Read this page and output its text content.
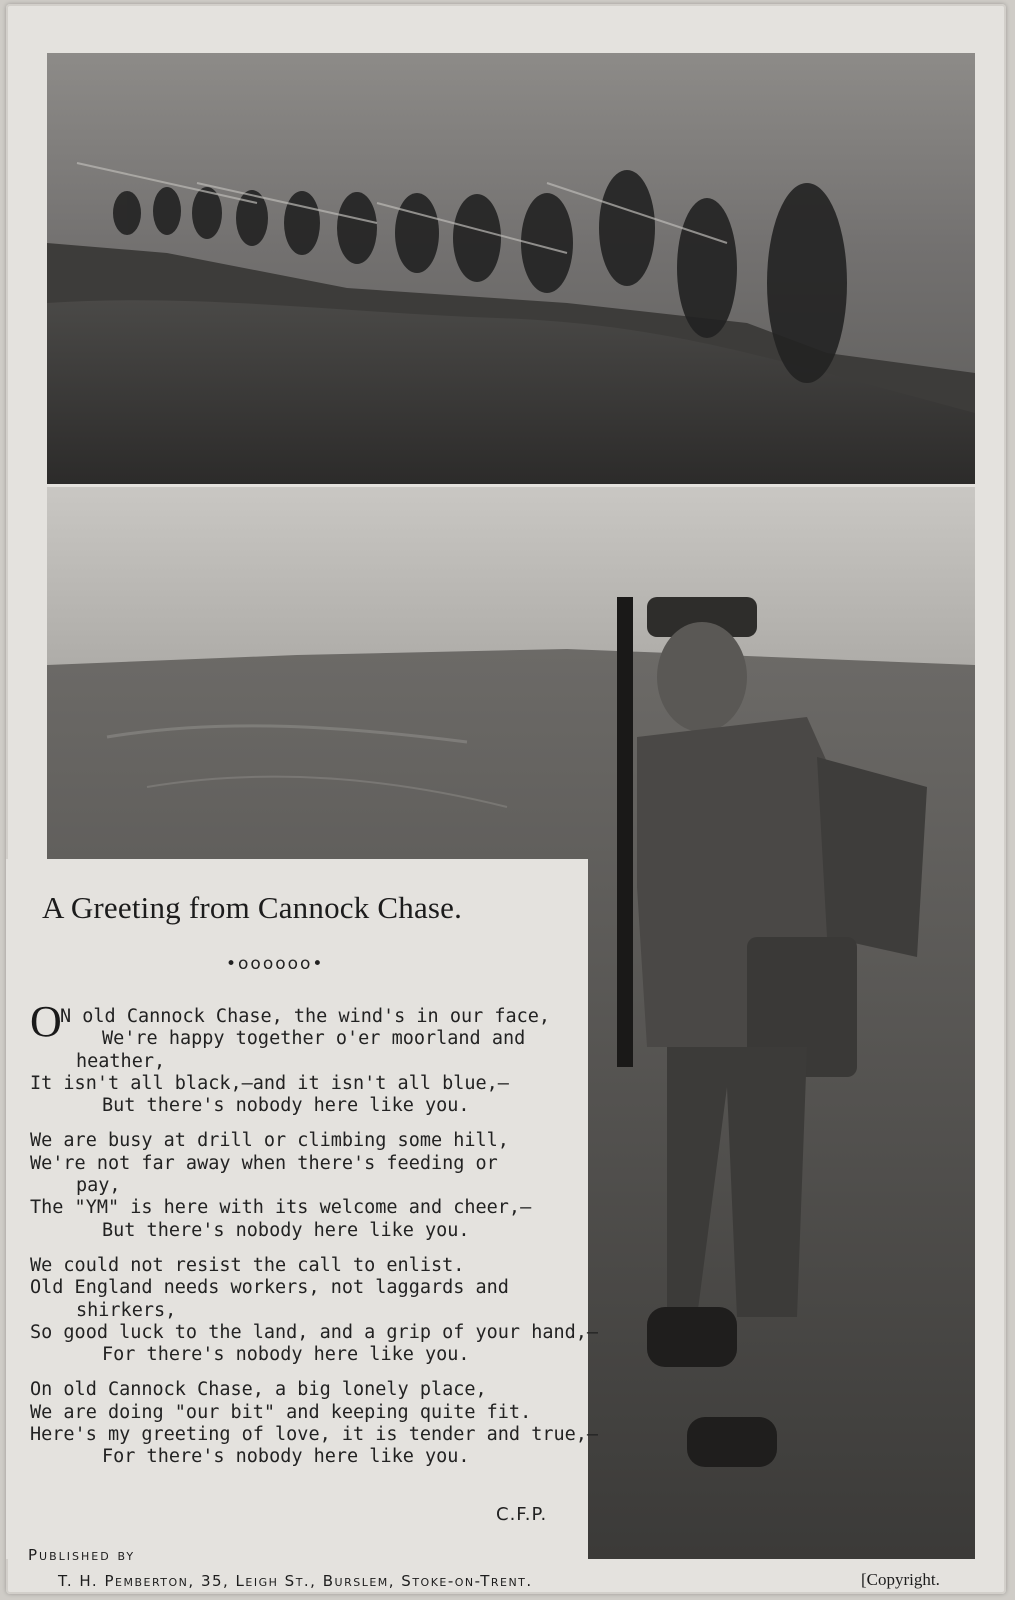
A Greeting from Cannock Chase.
•oooooo•
O
N old Cannock Chase, the wind's in our face,
We're happy together o'er moorland and
heather,
It isn't all black,—and it isn't all blue,—
But there's nobody here like you.
We are busy at drill or climbing some hill,
We're not far away when there's feeding or
pay,
The "YM" is here with its welcome and cheer,—
But there's nobody here like you.
We could not resist the call to enlist.
Old England needs workers, not laggards and
shirkers,
So good luck to the land, and a grip of your hand,—
For there's nobody here like you.
On old Cannock Chase, a big lonely place,
We are doing "our bit" and keeping quite fit.
Here's my greeting of love, it is tender and true,—
For there's nobody here like you.
C.F.P.
Published by
T. H. Pemberton, 35, Leigh St., Burslem, Stoke-on-Trent.	[Copyright.
